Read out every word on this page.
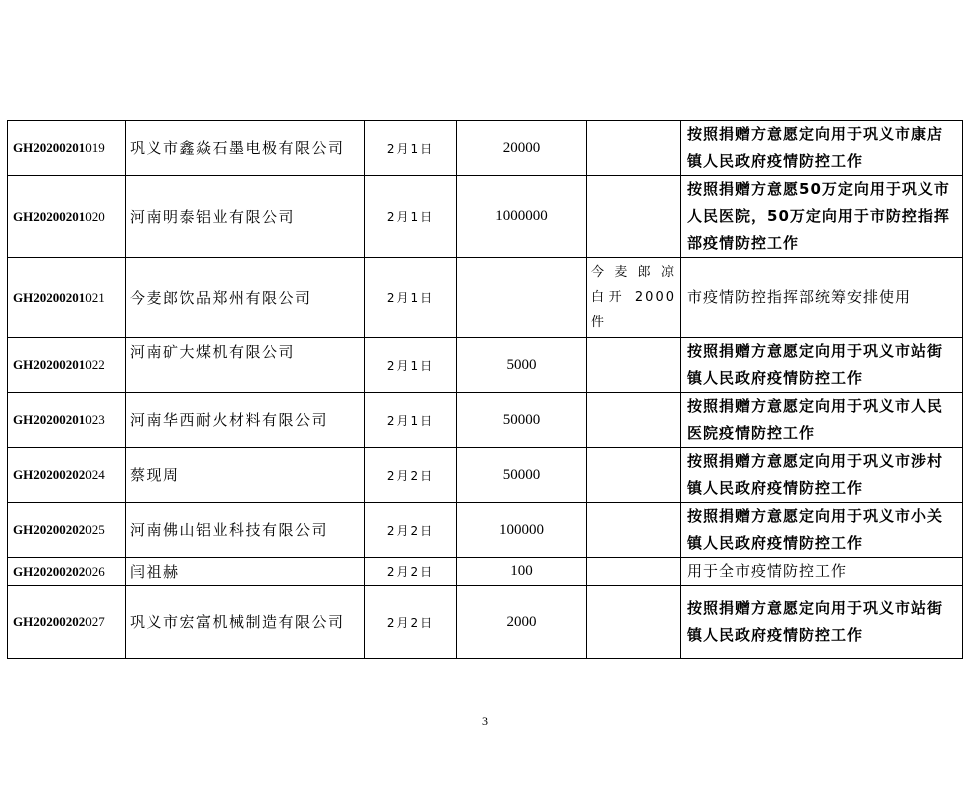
GH20200201019	巩义市鑫焱石墨电极有限公司	2月1日	20000		按照捐赠方意愿定向用于巩义市康店镇人民政府疫情防控工作
GH20200201020	河南明泰铝业有限公司	2月1日	1000000		按照捐赠方意愿50万定向用于巩义市人民医院，50万定向用于市防控指挥部疫情防控工作
GH20200201021	今麦郎饮品郑州有限公司	2月1日		今麦郎凉
白开 2000
件	市疫情防控指挥部统筹安排使用
GH20200201022	河南矿大煤机有限公司	2月1日	5000		按照捐赠方意愿定向用于巩义市站街镇人民政府疫情防控工作
GH20200201023	河南华西耐火材料有限公司	2月1日	50000		按照捐赠方意愿定向用于巩义市人民医院疫情防控工作
GH20200202024	蔡现周	2月2日	50000		按照捐赠方意愿定向用于巩义市涉村镇人民政府疫情防控工作
GH20200202025	河南佛山铝业科技有限公司	2月2日	100000		按照捐赠方意愿定向用于巩义市小关镇人民政府疫情防控工作
GH20200202026	闫祖赫	2月2日	100		用于全市疫情防控工作
GH20200202027	巩义市宏富机械制造有限公司	2月2日	2000		按照捐赠方意愿定向用于巩义市站街镇人民政府疫情防控工作
3
